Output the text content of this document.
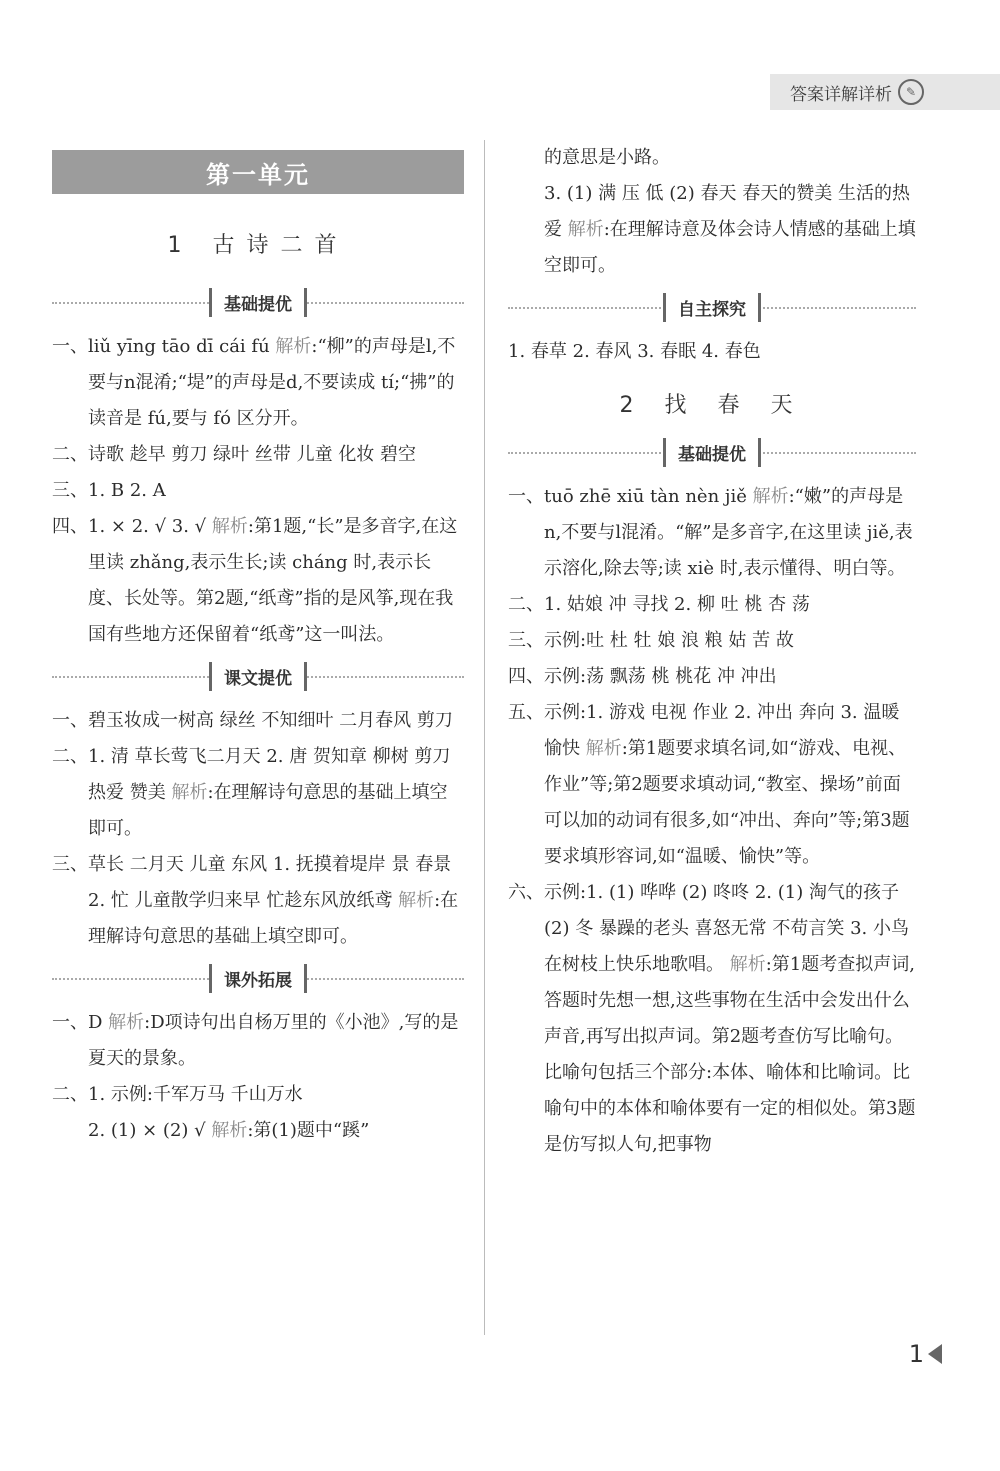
答案详解详析	✎
第一单元
1 古诗二首
基础提优

一、liǔ yīng tāo dī cái fú 解析:“柳”的声母是l,不要与n混淆;“堤”的声母是d,不要读成 tí;“拂”的读音是 fú,要与 fó 区分开。

二、诗歌 趁早 剪刀 绿叶 丝带 儿童 化妆 碧空

三、1. B 2. A

四、1. × 2. √ 3. √ 解析:第1题,“长”是多音字,在这里读 zhǎng,表示生长;读 cháng 时,表示长度、长处等。第2题,“纸鸢”指的是风筝,现在我国有些地方还保留着“纸鸢”这一叫法。

课文提优

一、碧玉妆成一树高 绿丝 不知细叶 二月春风 剪刀

二、1. 清 草长莺飞二月天 2. 唐 贺知章 柳树 剪刀 热爱 赞美 解析:在理解诗句意思的基础上填空即可。

三、草长 二月天 儿童 东风 1. 抚摸着堤岸 景 春景 2. 忙 儿童散学归来早 忙趁东风放纸鸢 解析:在理解诗句意思的基础上填空即可。

课外拓展

一、D 解析:D项诗句出自杨万里的《小池》,写的是夏天的景象。

二、1. 示例:千军万马 千山万水

2. (1) × (2) √ 解析:第(1)题中“蹊”

的意思是小路。

3. (1) 满 压 低 (2) 春天 春天的赞美 生活的热爱 解析:在理解诗意及体会诗人情感的基础上填空即可。

自主探究

1. 春草 2. 春风 3. 春眠 4. 春色

2 找 春 天
基础提优

一、tuō zhē xiū tàn nèn jiě 解析:“嫩”的声母是n,不要与l混淆。“解”是多音字,在这里读 jiě,表示溶化,除去等;读 xiè 时,表示懂得、明白等。

二、1. 姑娘 冲 寻找 2. 柳 吐 桃 杏 荡

三、示例:吐 杜 牡 娘 浪 粮 姑 苦 故

四、示例:荡 飘荡 桃 桃花 冲 冲出

五、示例:1. 游戏 电视 作业 2. 冲出 奔向 3. 温暖 愉快 解析:第1题要求填名词,如“游戏、电视、作业”等;第2题要求填动词,“教室、操场”前面可以加的动词有很多,如“冲出、奔向”等;第3题要求填形容词,如“温暖、愉快”等。

六、示例:1. (1) 哗哗 (2) 咚咚 2. (1) 淘气的孩子 (2) 冬 暴躁的老头 喜怒无常 不苟言笑 3. 小鸟在树枝上快乐地歌唱。 解析:第1题考查拟声词,答题时先想一想,这些事物在生活中会发出什么声音,再写出拟声词。第2题考查仿写比喻句。比喻句包括三个部分:本体、喻体和比喻词。比喻句中的本体和喻体要有一定的相似处。第3题是仿写拟人句,把事物

1
